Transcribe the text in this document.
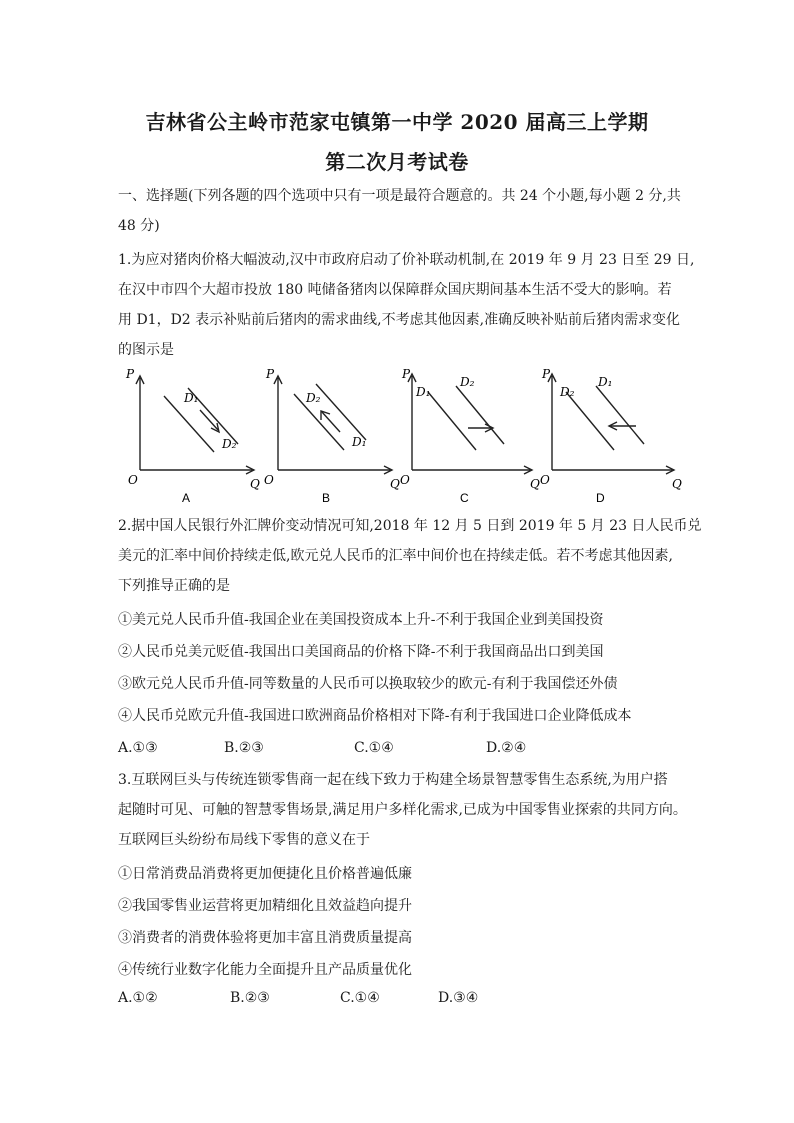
吉林省公主岭市范家屯镇第一中学 2020 届高三上学期
第二次月考试卷
一、选择题(下列各题的四个选项中只有一项是最符合题意的。共 24 个小题,每小题 2 分,共
48 分)
1.为应对猪肉价格大幅波动,汉中市政府启动了价补联动机制,在 2019 年 9 月 23 日至 29 日,
在汉中市四个大超市投放 180 吨储备猪肉以保障群众国庆期间基本生活不受大的影响。若
用 D1，D2 表示补贴前后猪肉的需求曲线,不考虑其他因素,准确反映补贴前后猪肉需求变化
的图示是
P
O	Q
D₁
D₂
A
P
O	Q
D₂
D₁
B
P
O	Q
D₁
D₂
C
P
O	Q
D₂
D₁
D
2.据中国人民银行外汇牌价变动情况可知,2018 年 12 月 5 日到 2019 年 5 月 23 日人民币兑
美元的汇率中间价持续走低,欧元兑人民币的汇率中间价也在持续走低。若不考虑其他因素,
下列推导正确的是
①美元兑人民币升值-我国企业在美国投资成本上升-不利于我国企业到美国投资
②人民币兑美元贬值-我国出口美国商品的价格下降-不利于我国商品出口到美国
③欧元兑人民币升值-同等数量的人民币可以换取较少的欧元-有利于我国偿还外债
④人民币兑欧元升值-我国进口欧洲商品价格相对下降-有利于我国进口企业降低成本
A.①③	B.②③	C.①④	D.②④
3.互联网巨头与传统连锁零售商一起在线下致力于构建全场景智慧零售生态系统,为用户搭
起随时可见、可触的智慧零售场景,满足用户多样化需求,已成为中国零售业探索的共同方向。
互联网巨头纷纷布局线下零售的意义在于
①日常消费品消费将更加便捷化且价格普遍低廉
②我国零售业运营将更加精细化且效益趋向提升
③消费者的消费体验将更加丰富且消费质量提高
④传统行业数字化能力全面提升且产品质量优化
A.①②	B.②③	C.①④	D.③④
